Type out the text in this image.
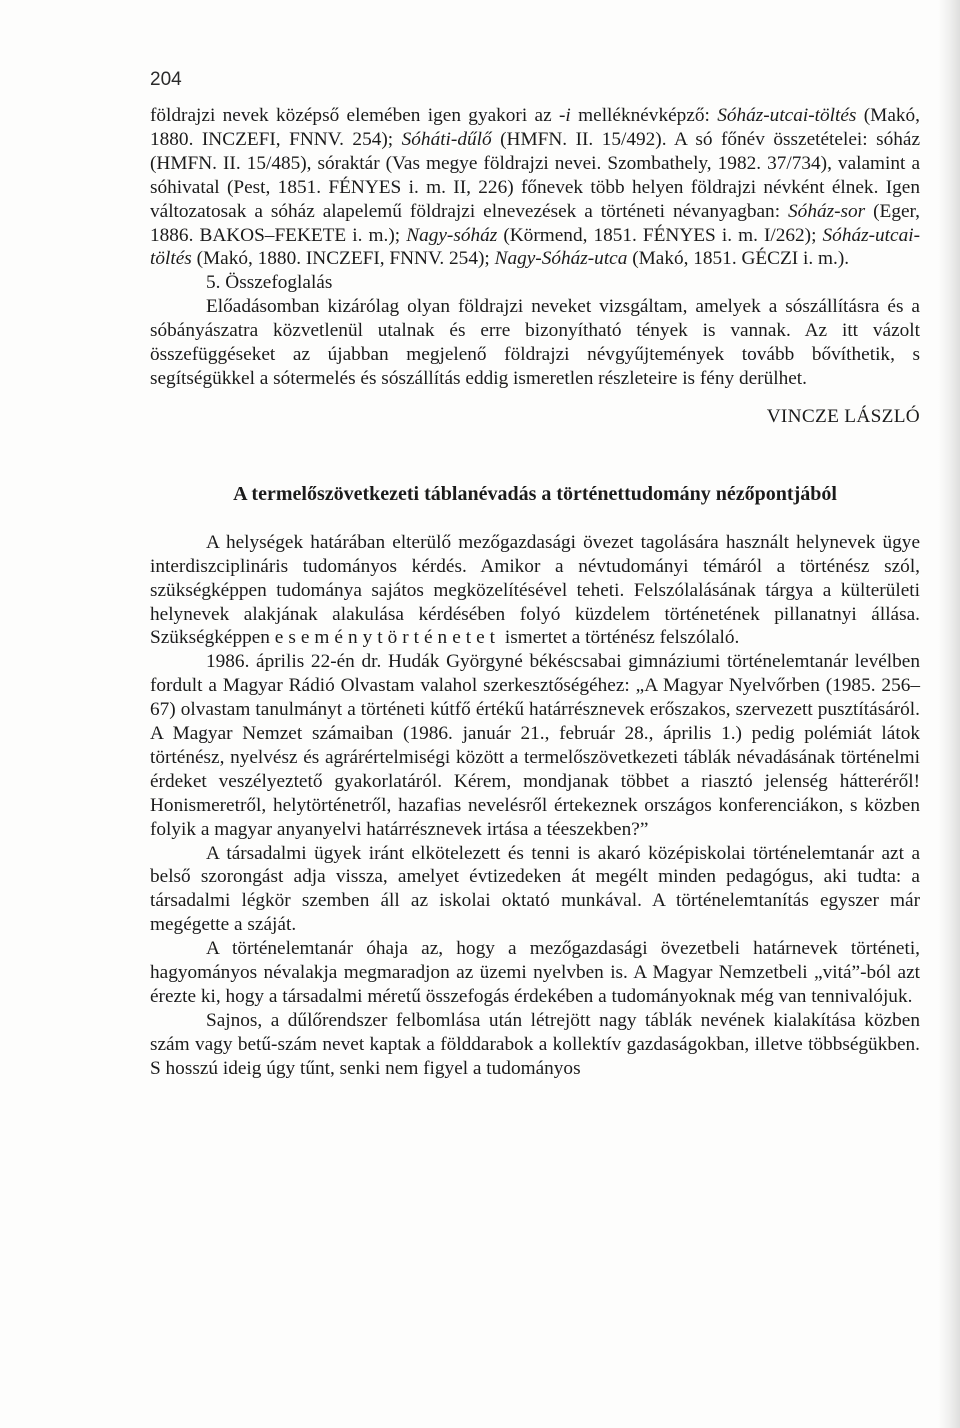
204

földrajzi nevek középső elemében igen gyakori az -i melléknévképző: Sóház-utcai-töltés (Makó, 1880. INCZEFI, FNNV. 254); Sóháti-dűlő (HMFN. II. 15/492). A só főnév összetételei: sóház (HMFN. II. 15/485), sóraktár (Vas megye földrajzi nevei. Szombathely, 1982. 37/734), valamint a sóhivatal (Pest, 1851. FÉNYES i. m. II, 226) főnevek több helyen földrajzi névként élnek. Igen változatosak a sóház alapelemű földrajzi elnevezések a történeti névanyagban: Sóház-sor (Eger, 1886. BAKOS–FEKETE i. m.); Nagy-sóház (Körmend, 1851. FÉNYES i. m. I/262); Sóház-utcai-töltés (Makó, 1880. INCZEFI, FNNV. 254); Nagy-Sóház-utca (Makó, 1851. GÉCZI i. m.).

5. Összefoglalás

Előadásomban kizárólag olyan földrajzi neveket vizsgáltam, amelyek a sószállításra és a sóbányászatra közvetlenül utalnak és erre bizonyítható tények is vannak. Az itt vázolt összefüggéseket az újabban megjelenő földrajzi névgyűjtemények tovább bővíthetik, s segítségükkel a sótermelés és sószállítás eddig ismeretlen részleteire is fény derülhet.

VINCZE LÁSZLÓ

A termelőszövetkezeti táblanévadás a történettudomány nézőpontjából

A helységek határában elterülő mezőgazdasági övezet tagolására használt helynevek ügye interdiszciplináris tudományos kérdés. Amikor a névtudományi témáról a történész szól, szükségképpen tudománya sajátos megközelítésével teheti. Felszólalásának tárgya a külterületi helynevek alakjának alakulása kérdésében folyó küzdelem történetének pillanatnyi állása. Szükségképpen eseménytörténetet ismertet a történész felszólaló.

1986. április 22-én dr. Hudák Györgyné békéscsabai gimnáziumi történelemtanár levélben fordult a Magyar Rádió Olvastam valahol szerkesztőségéhez: „A Magyar Nyelvőrben (1985. 256–67) olvastam tanulmányt a történeti kútfő értékű határrésznevek erőszakos, szervezett pusztításáról. A Magyar Nemzet számaiban (1986. január 21., február 28., április 1.) pedig polémiát látok történész, nyelvész és agrárértelmiségi között a termelőszövetkezeti táblák névadásának történelmi érdeket veszélyeztető gyakorlatáról. Kérem, mondjanak többet a riasztó jelenség hátteréről! Honismeretről, helytörténetről, hazafias nevelésről értekeznek országos konferenciákon, s közben folyik a magyar anyanyelvi határrésznevek irtása a téeszekben?”

A társadalmi ügyek iránt elkötelezett és tenni is akaró középiskolai történelemtanár azt a belső szorongást adja vissza, amelyet évtizedeken át megélt minden pedagógus, aki tudta: a társadalmi légkör szemben áll az iskolai oktató munkával. A történelemtanítás egyszer már megégette a száját.

A történelemtanár óhaja az, hogy a mezőgazdasági övezetbeli határnevek történeti, hagyományos névalakja megmaradjon az üzemi nyelvben is. A Magyar Nemzetbeli „vitá”-ból azt érezte ki, hogy a társadalmi méretű összefogás érdekében a tudományoknak még van tennivalójuk.

Sajnos, a dűlőrendszer felbomlása után létrejött nagy táblák nevének kialakítása közben szám vagy betű-szám nevet kaptak a földdarabok a kollektív gazdaságokban, illetve többségükben. S hosszú ideig úgy tűnt, senki nem figyel a tudományos
